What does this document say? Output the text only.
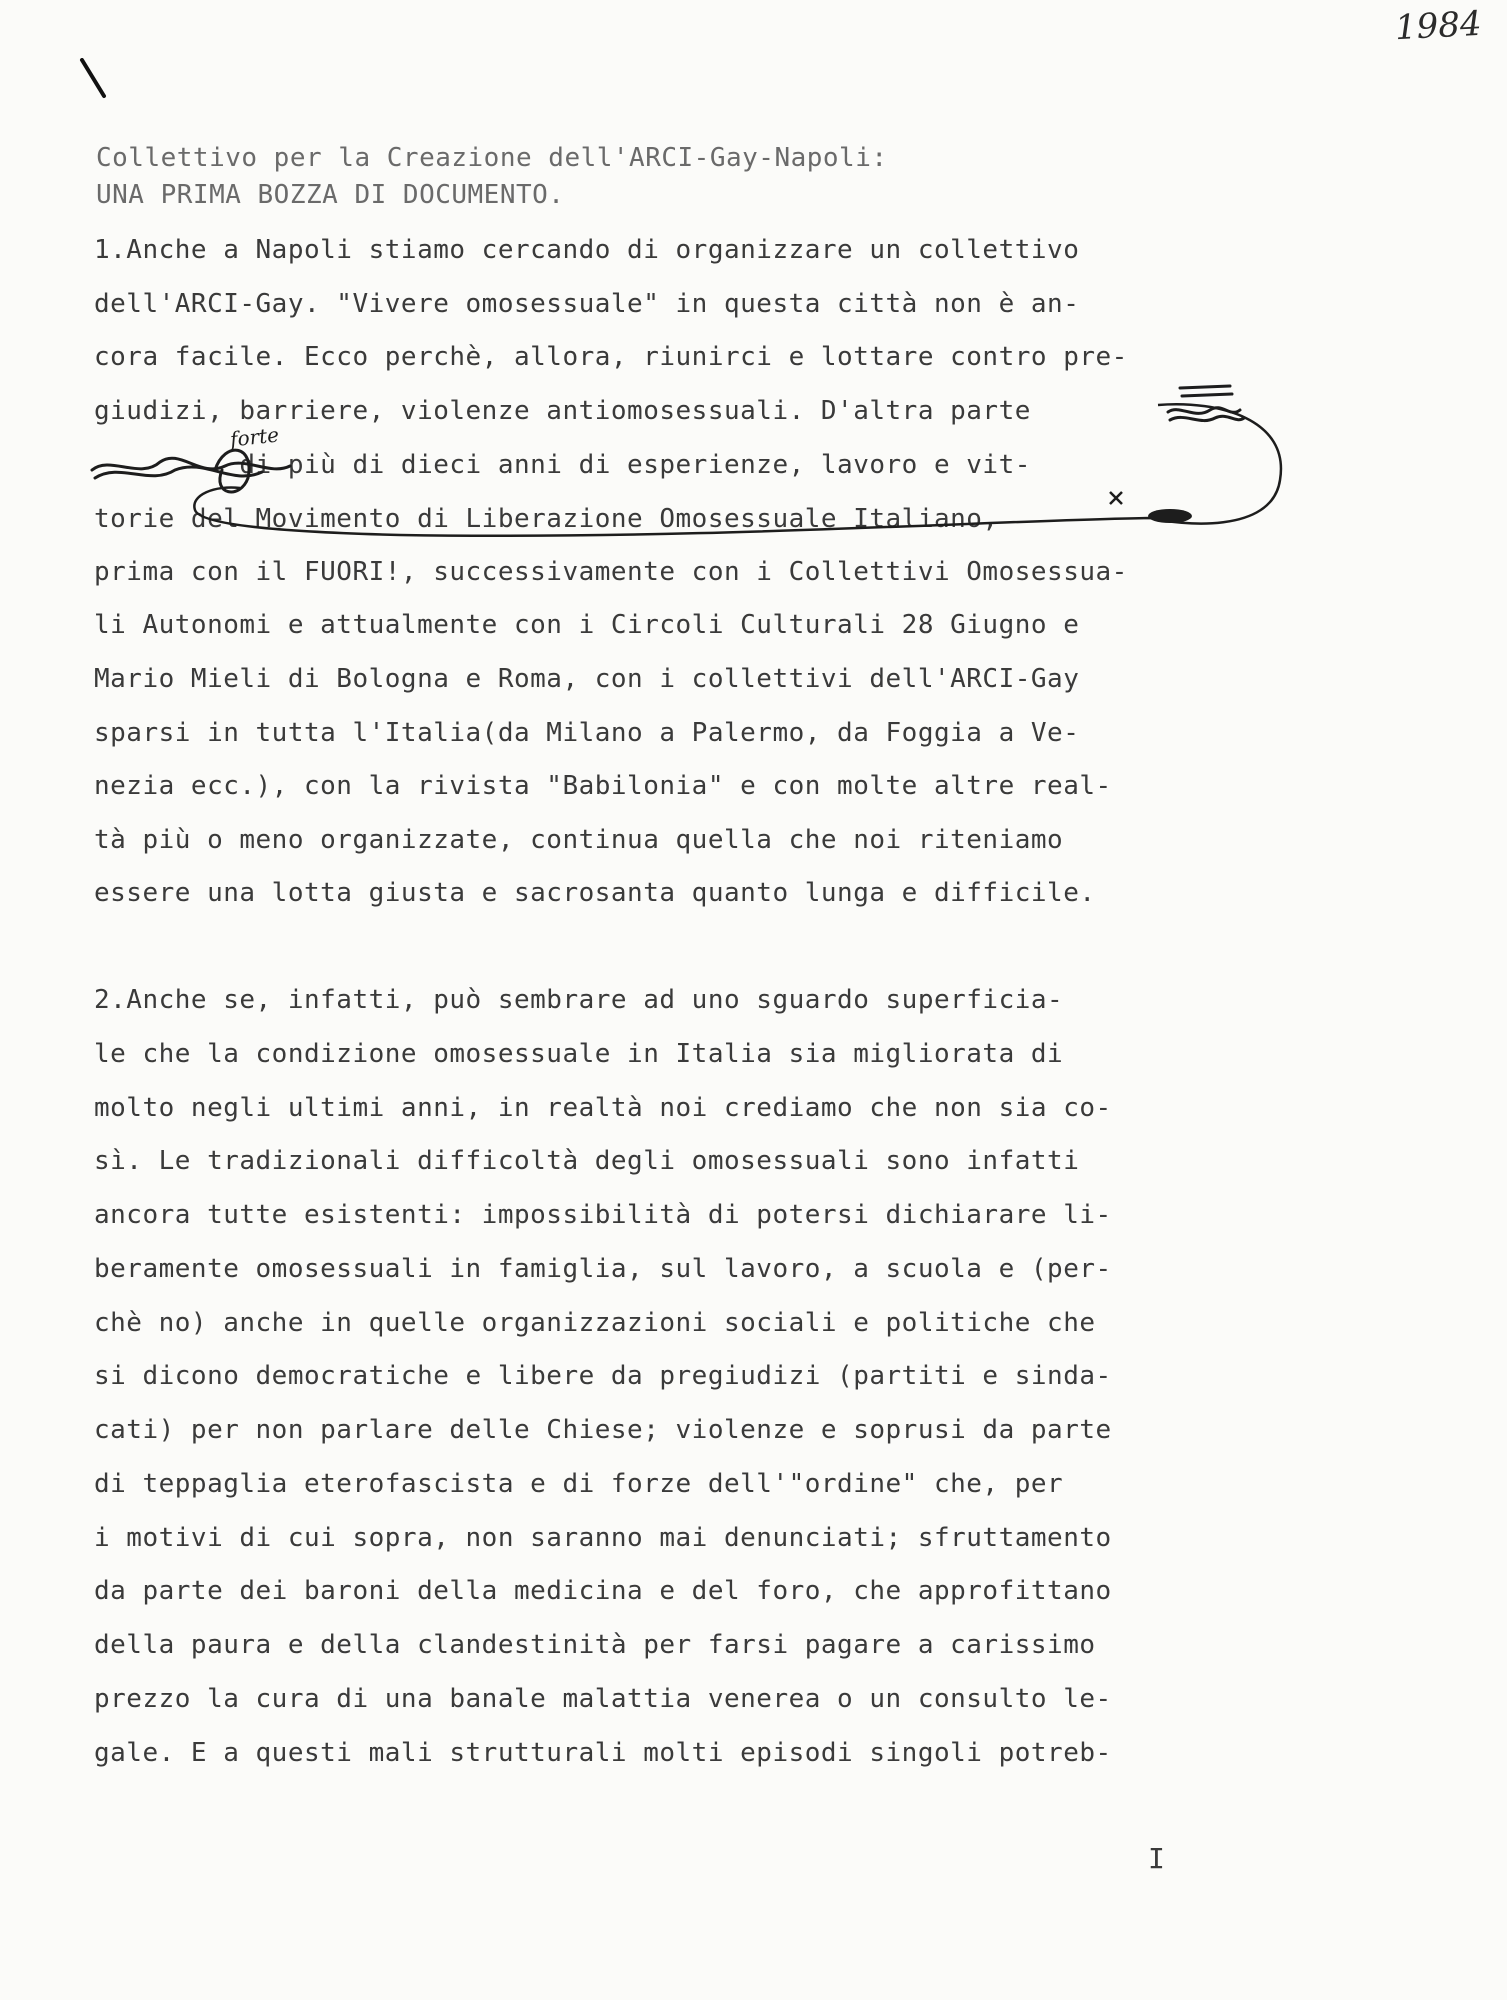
1984
Collettivo per la Creazione dell'ARCI-Gay-Napoli:
UNA PRIMA BOZZA DI DOCUMENTO.
1.Anche a Napoli stiamo cercando di organizzare un collettivo
dell'ARCI-Gay. "Vivere omosessuale" in questa città non è an-
cora facile. Ecco perchè, allora, riunirci e lottare contro pre-
giudizi, barriere, violenze antiomosessuali. D'altra parte
di più di dieci anni di esperienze, lavoro e vit-
torie del Movimento di Liberazione Omosessuale Italiano,
prima con il FUORI!, successivamente con i Collettivi Omosessua-
li Autonomi e attualmente con i Circoli Culturali 28 Giugno e
Mario Mieli di Bologna e Roma, con i collettivi dell'ARCI-Gay
sparsi in tutta l'Italia(da Milano a Palermo, da Foggia a Ve-
nezia ecc.), con la rivista "Babilonia" e con molte altre real-
tà più o meno organizzate, continua quella che noi riteniamo
essere una lotta giusta e sacrosanta quanto lunga e difficile.
2.Anche se, infatti, può sembrare ad uno sguardo superficia-
le che la condizione omosessuale in Italia sia migliorata di
molto negli ultimi anni, in realtà noi crediamo che non sia co-
sì. Le tradizionali difficoltà degli omosessuali sono infatti
ancora tutte esistenti: impossibilità di potersi dichiarare li-
beramente omosessuali in famiglia, sul lavoro, a scuola e (per-
chè no) anche in quelle organizzazioni sociali e politiche che
si dicono democratiche e libere da pregiudizi (partiti e sinda-
cati) per non parlare delle Chiese; violenze e soprusi da parte
di teppaglia eterofascista e di forze dell'"ordine" che, per
i motivi di cui sopra, non saranno mai denunciati; sfruttamento
da parte dei baroni della medicina e del foro, che approfittano
della paura e della clandestinità per farsi pagare a carissimo
prezzo la cura di una banale malattia venerea o un consulto le-
gale. E a questi mali strutturali molti episodi singoli potreb-
I
forte
